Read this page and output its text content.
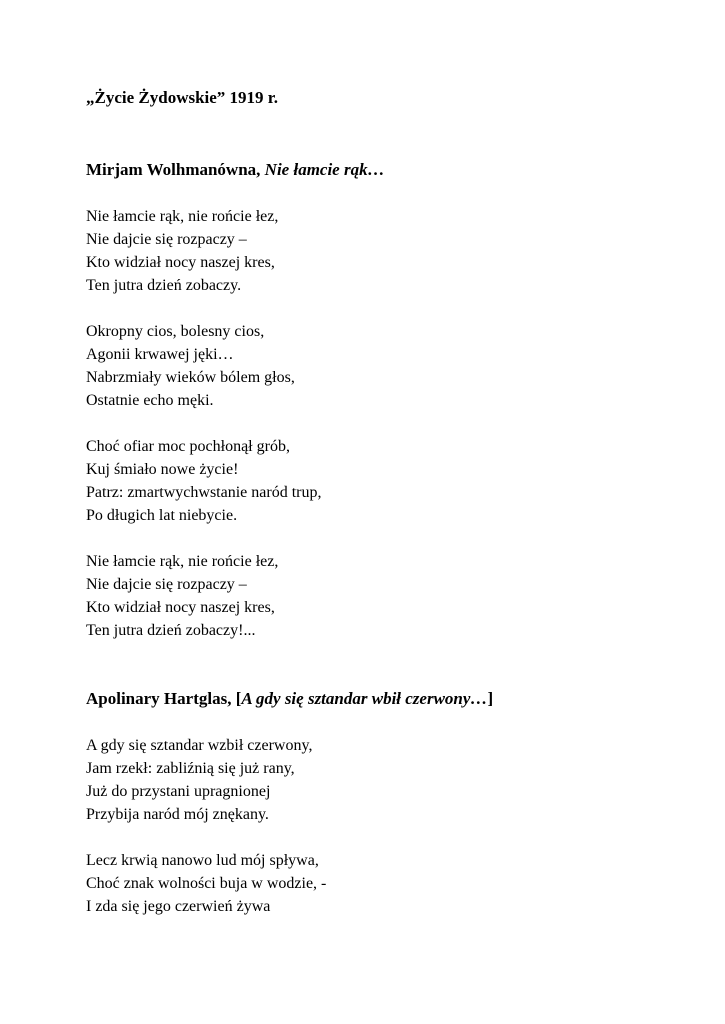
„Życie Żydowskie” 1919 r.

Mirjam Wolhmanówna, Nie łamcie rąk…

Nie łamcie rąk, nie rońcie łez,
Nie dajcie się rozpaczy –
Kto widział nocy naszej kres,
Ten jutra dzień zobaczy.
Okropny cios, bolesny cios,
Agonii krwawej jęki…
Nabrzmiały wieków bólem głos,
Ostatnie echo męki.
Choć ofiar moc pochłonął grób,
Kuj śmiało nowe życie!
Patrz: zmartwychwstanie naród trup,
Po długich lat niebycie.
Nie łamcie rąk, nie rońcie łez,
Nie dajcie się rozpaczy –
Kto widział nocy naszej kres,
Ten jutra dzień zobaczy!...

Apolinary Hartglas, [A gdy się sztandar wbił czerwony…]

A gdy się sztandar wzbił czerwony,
Jam rzekł: zabliźnią się już rany,
Już do przystani upragnionej
Przybija naród mój znękany.
Lecz krwią nanowo lud mój spływa,
Choć znak wolności buja w wodzie, -
I zda się jego czerwień żywa
